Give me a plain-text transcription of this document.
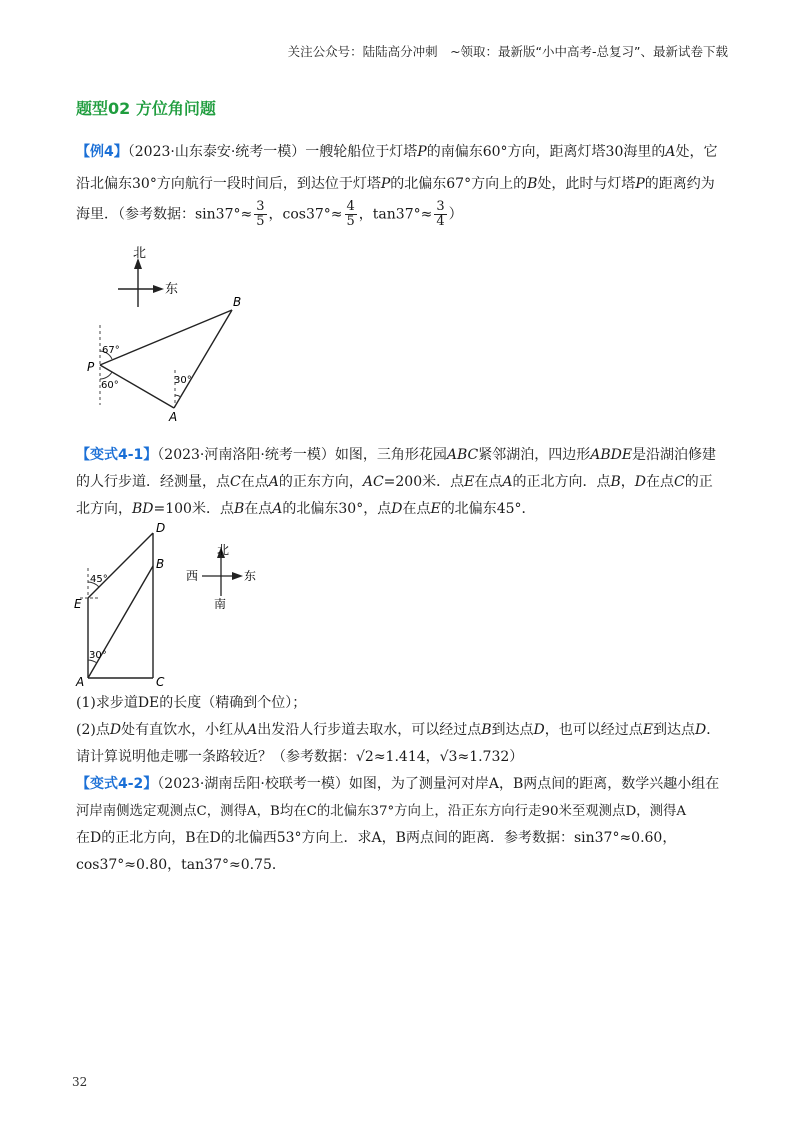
关注公众号：陆陆高分冲刺　~领取：最新版“小中高考-总复习”、最新试卷下载
题型02 方位角问题
【例4】（2023·山东泰安·统考一模）一艘轮船位于灯塔P的南偏东60°方向，距离灯塔30海里的A处，它
沿北偏东30°方向航行一段时间后，到达位于灯塔P的北偏东67°方向上的B处，此时与灯塔P的距离约为
海里．（参考数据：$\sin 37^\circ\approx \frac{3}{5}$ ，$\cos 37^\circ\approx \frac{4}{5}$ ，$\tan 37^\circ\approx \frac{3}{4}$ ）
北
东
P
A
B
67°
60°	30°
【变式4-1】（2023·河南洛阳·统考一模）如图，三角形花园ABC紧邻湖泊，四边形ABDE是沿湖泊修建
的人行步道．经测量，点C在点A的正东方向，AC=200米．点E在点A的正北方向．点B，D在点C的正
北方向，BD=100米．点B在点A的北偏东30°，点D在点E的北偏东45°．
D
B
E
A	C
45°
30°
北
南
西	东
(1)求步道DE的长度（精确到个位）；
(2)点D处有直饮水，小红从A出发沿人行步道去取水，可以经过点B到达点D，也可以经过点E到达点D．
请计算说明他走哪一条路较近？（参考数据：√2≈1.414，√3≈1.732）
【变式4-2】（2023·湖南岳阳·校联考一模）如图，为了测量河对岸A，B两点间的距离，数学兴趣小组在
河岸南侧选定观测点C，测得A，B均在C的北偏东37°方向上，沿正东方向行走90米至观测点D，测得A
在D的正北方向，B在D的北偏西53°方向上．求A，B两点间的距离．参考数据：sin37°≈0.60，
cos37°≈0.80，tan37°≈0.75．
32
